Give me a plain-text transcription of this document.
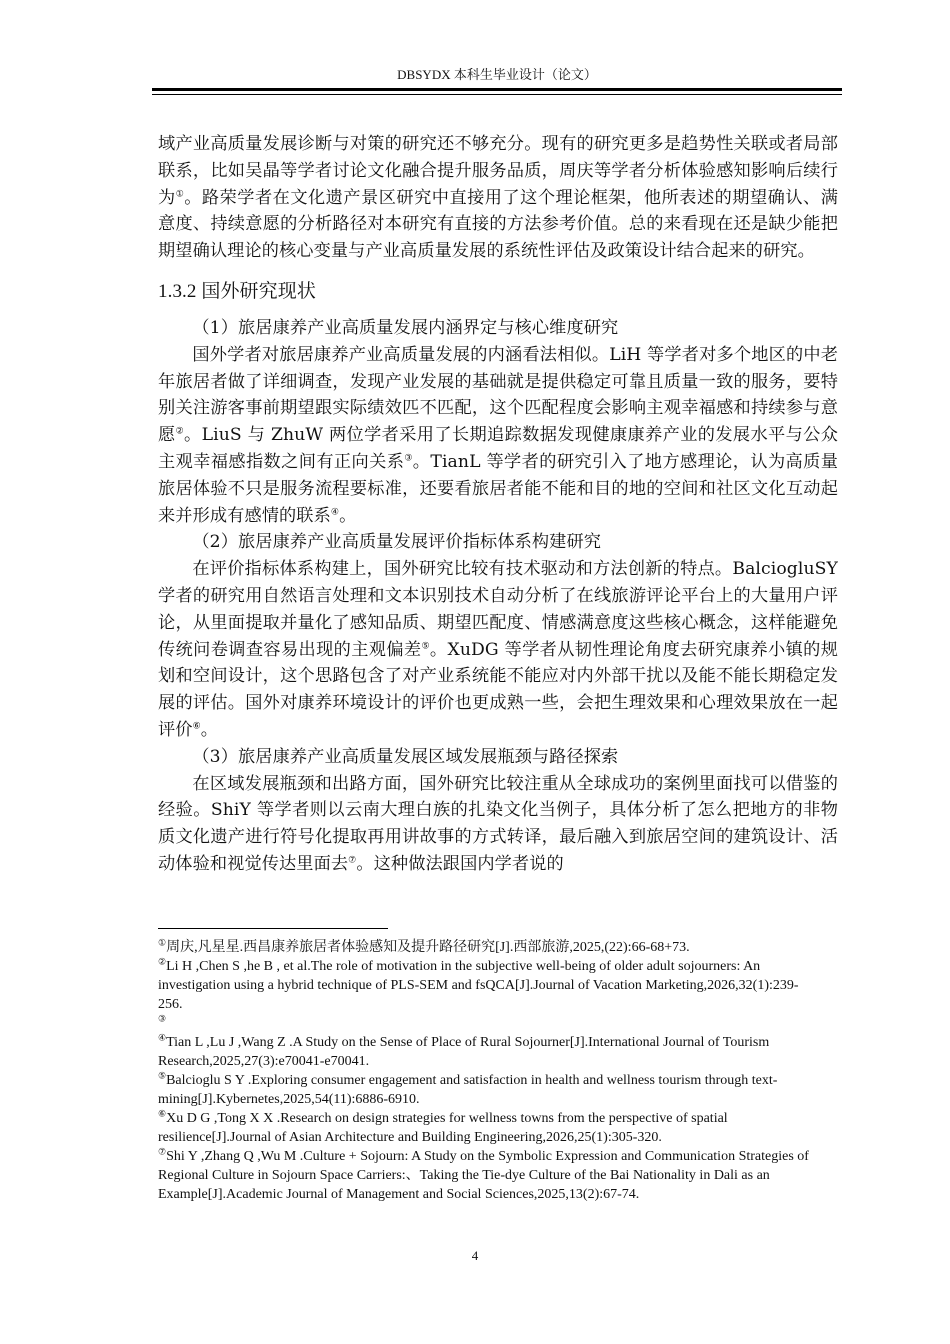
DBSYDX 本科生毕业设计（论文）

域产业高质量发展诊断与对策的研究还不够充分。现有的研究更多是趋势性关联或者局部联系，比如吴晶等学者讨论文化融合提升服务品质，周庆等学者分析体验感知影响后续行为①。路荣学者在文化遗产景区研究中直接用了这个理论框架，他所表述的期望确认、满意度、持续意愿的分析路径对本研究有直接的方法参考价值。总的来看现在还是缺少能把期望确认理论的核心变量与产业高质量发展的系统性评估及政策设计结合起来的研究。

1.3.2 国外研究现状

（1）旅居康养产业高质量发展内涵界定与核心维度研究

国外学者对旅居康养产业高质量发展的内涵看法相似。LiH 等学者对多个地区的中老年旅居者做了详细调查，发现产业发展的基础就是提供稳定可靠且质量一致的服务，要特别关注游客事前期望跟实际绩效匹不匹配，这个匹配程度会影响主观幸福感和持续参与意愿②。LiuS 与 ZhuW 两位学者采用了长期追踪数据发现健康康养产业的发展水平与公众主观幸福感指数之间有正向关系③。TianL 等学者的研究引入了地方感理论，认为高质量旅居体验不只是服务流程要标准，还要看旅居者能不能和目的地的空间和社区文化互动起来并形成有感情的联系④。

（2）旅居康养产业高质量发展评价指标体系构建研究

在评价指标体系构建上，国外研究比较有技术驱动和方法创新的特点。BalciogluSY 学者的研究用自然语言处理和文本识别技术自动分析了在线旅游评论平台上的大量用户评论，从里面提取并量化了感知品质、期望匹配度、情感满意度这些核心概念，这样能避免传统问卷调查容易出现的主观偏差⑤。XuDG 等学者从韧性理论角度去研究康养小镇的规划和空间设计，这个思路包含了对产业系统能不能应对内外部干扰以及能不能长期稳定发展的评估。国外对康养环境设计的评价也更成熟一些，会把生理效果和心理效果放在一起评价⑥。

（3）旅居康养产业高质量发展区域发展瓶颈与路径探索

在区域发展瓶颈和出路方面，国外研究比较注重从全球成功的案例里面找可以借鉴的经验。ShiY 等学者则以云南大理白族的扎染文化当例子，具体分析了怎么把地方的非物质文化遗产进行符号化提取再用讲故事的方式转译，最后融入到旅居空间的建筑设计、活动体验和视觉传达里面去⑦。这种做法跟国内学者说的

①周庆,凡星星.西昌康养旅居者体验感知及提升路径研究[J].西部旅游,2025,(22):66-68+73.

②Li H ,Chen S ,he B , et al.The role of motivation in the subjective well-being of older adult sojourners: An investigation using a hybrid technique of PLS-SEM and fsQCA[J].Journal of Vacation Marketing,2026,32(1):239-256.

③

④Tian L ,Lu J ,Wang Z .A Study on the Sense of Place of Rural Sojourner[J].International Journal of Tourism Research,2025,27(3):e70041-e70041.

⑤Balcioglu S Y .Exploring consumer engagement and satisfaction in health and wellness tourism through text-mining[J].Kybernetes,2025,54(11):6886-6910.

⑥Xu D G ,Tong X X .Research on design strategies for wellness towns from the perspective of spatial resilience[J].Journal of Asian Architecture and Building Engineering,2026,25(1):305-320.

⑦Shi Y ,Zhang Q ,Wu M .Culture + Sojourn: A Study on the Symbolic Expression and Communication Strategies of Regional Culture in Sojourn Space Carriers:、Taking the Tie-dye Culture of the Bai Nationality in Dali as an Example[J].Academic Journal of Management and Social Sciences,2025,13(2):67-74.

4
